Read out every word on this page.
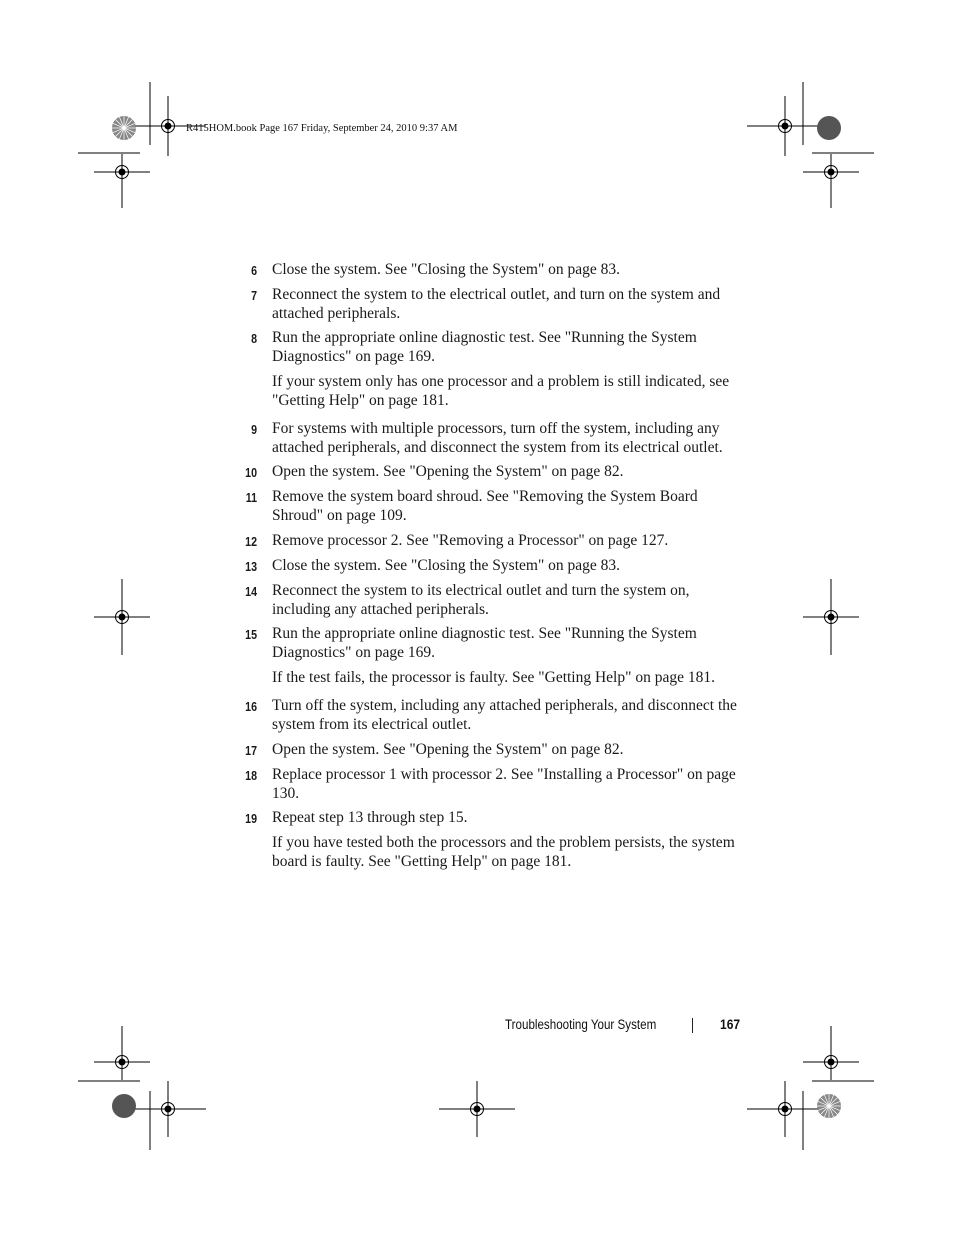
R415HOM.book Page 167 Friday, September 24, 2010 9:37 AM
6 Close the system. See "Closing the System" on page 83.
7 Reconnect the system to the electrical outlet, and turn on the system and attached peripherals.
8 Run the appropriate online diagnostic test. See "Running the System Diagnostics" on page 169.
If your system only has one processor and a problem is still indicated, see "Getting Help" on page 181.
9 For systems with multiple processors, turn off the system, including any attached peripherals, and disconnect the system from its electrical outlet.
10 Open the system. See "Opening the System" on page 82.
11 Remove the system board shroud. See "Removing the System Board Shroud" on page 109.
12 Remove processor 2. See "Removing a Processor" on page 127.
13 Close the system. See "Closing the System" on page 83.
14 Reconnect the system to its electrical outlet and turn the system on, including any attached peripherals.
15 Run the appropriate online diagnostic test. See "Running the System Diagnostics" on page 169.
If the test fails, the processor is faulty. See "Getting Help" on page 181.
16 Turn off the system, including any attached peripherals, and disconnect the system from its electrical outlet.
17 Open the system. See "Opening the System" on page 82.
18 Replace processor 1 with processor 2. See "Installing a Processor" on page 130.
19 Repeat step 13 through step 15.
If you have tested both the processors and the problem persists, the system board is faulty. See "Getting Help" on page 181.
Troubleshooting Your System	167
